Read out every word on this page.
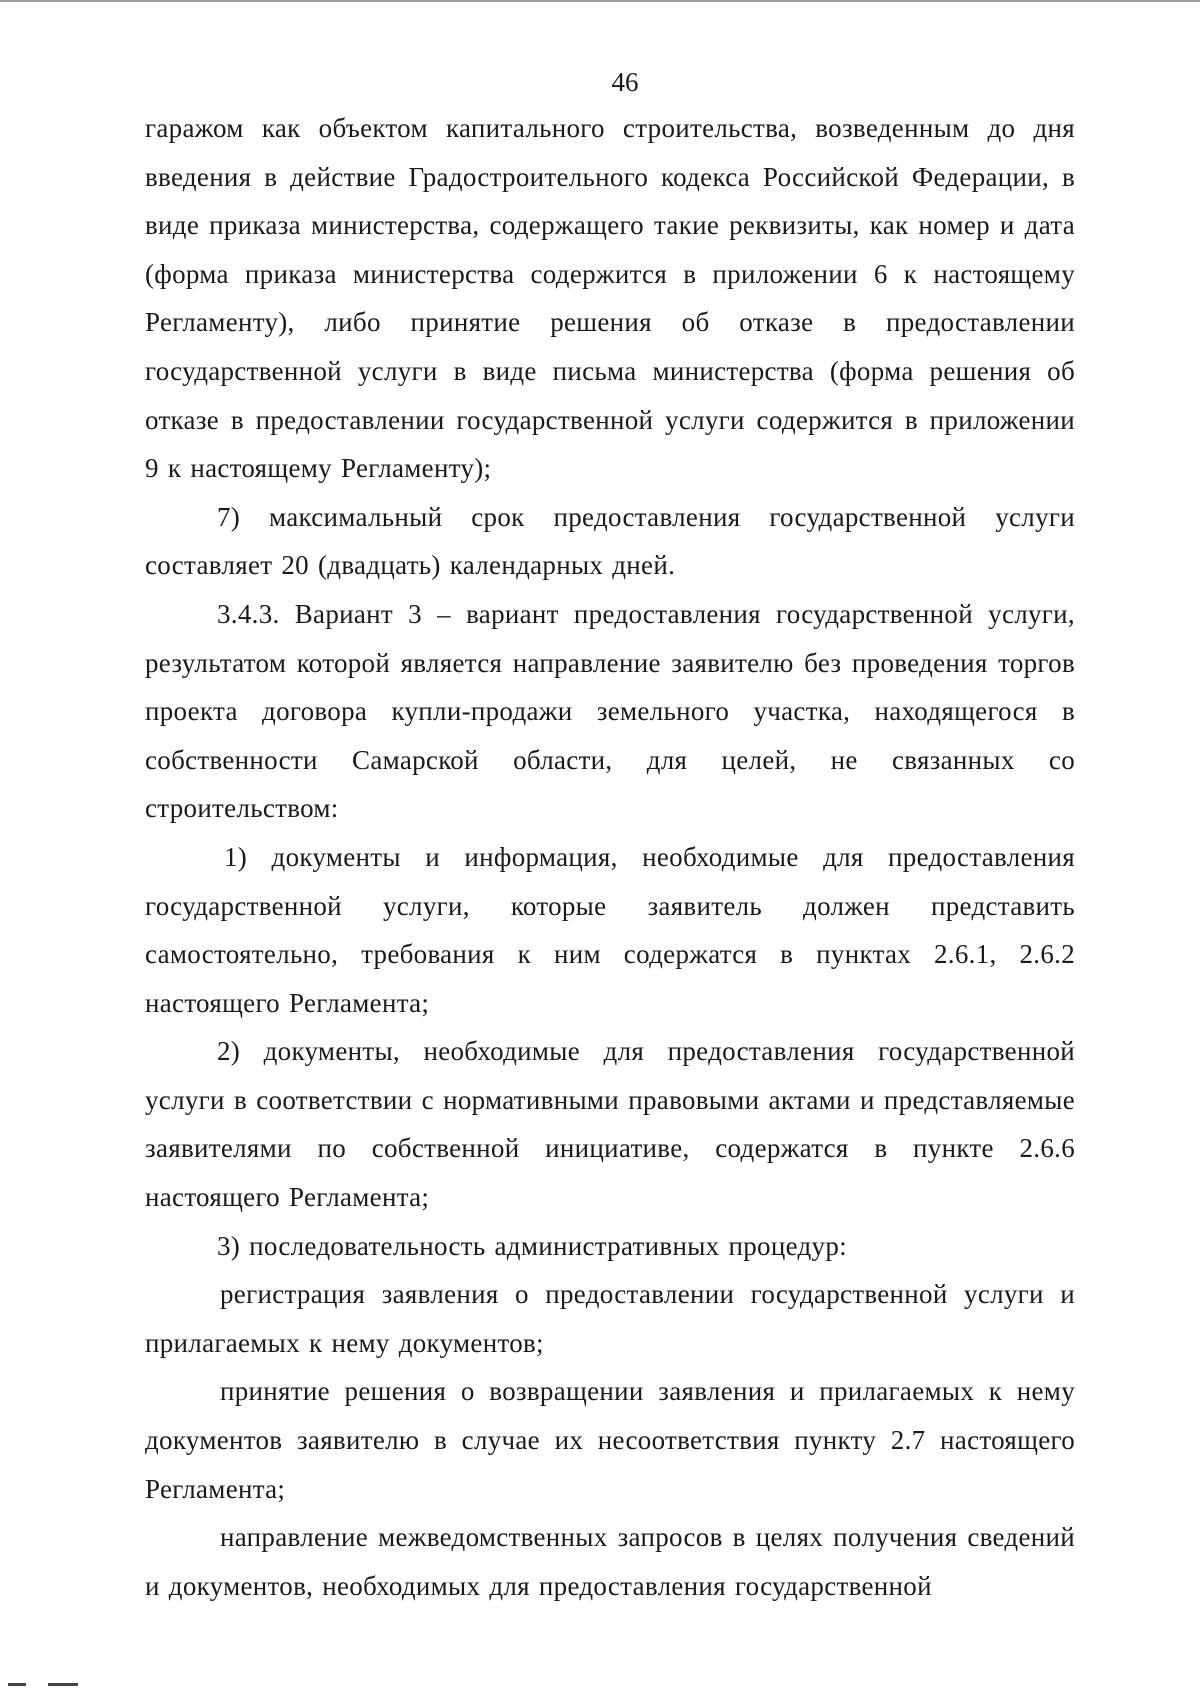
46

гаражом как объектом капитального строительства, возведенным до дня введения в действие Градостроительного кодекса Российской Федерации, в виде приказа министерства, содержащего такие реквизиты, как номер и дата (форма приказа министерства содержится в приложении 6 к настоящему Регламенту), либо принятие решения об отказе в предоставлении государственной услуги в виде письма министерства (форма решения об отказе в предоставлении государственной услуги содержится в приложении 9 к настоящему Регламенту);

7) максимальный срок предоставления государственной услуги составляет 20 (двадцать) календарных дней.

3.4.3. Вариант 3 – вариант предоставления государственной услуги, результатом которой является направление заявителю без проведения торгов проекта договора купли-продажи земельного участка, находящегося в собственности Самарской области, для целей, не связанных со строительством:

1) документы и информация, необходимые для предоставления государственной услуги, которые заявитель должен представить самостоятельно, требования к ним содержатся в пунктах 2.6.1, 2.6.2 настоящего Регламента;

2) документы, необходимые для предоставления государственной услуги в соответствии с нормативными правовыми актами и представляемые заявителями по собственной инициативе, содержатся в пункте 2.6.6 настоящего Регламента;

3) последовательность административных процедур:

регистрация заявления о предоставлении государственной услуги и прилагаемых к нему документов;

принятие решения о возвращении заявления и прилагаемых к нему документов заявителю в случае их несоответствия пункту 2.7 настоящего Регламента;

направление межведомственных запросов в целях получения сведений и документов, необходимых для предоставления государственной
